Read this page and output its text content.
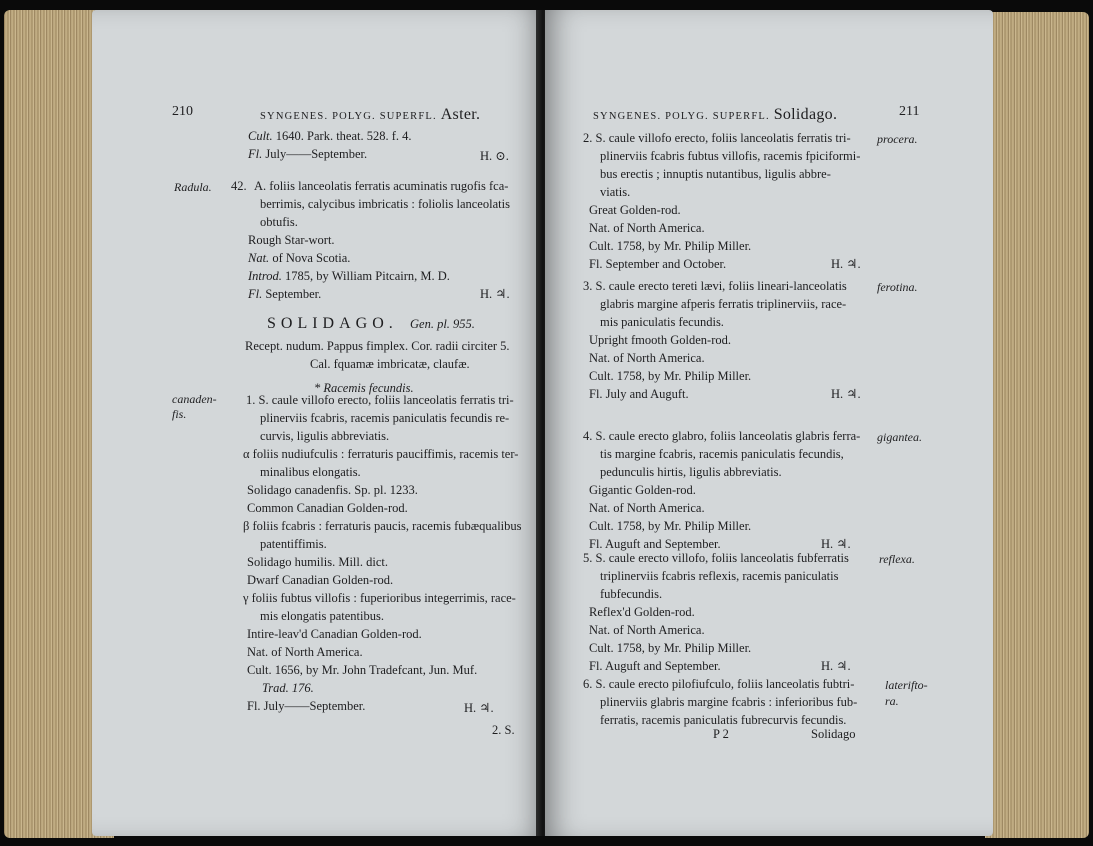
210	SYNGENES. POLYG. SUPERFL. Aster.
Cult. 1640. Park. theat. 528. f. 4.
Fl. July——September.	H. ⊙.
Radula. 42. A. foliis lanceolatis ferratis acuminatis rugofis fca-
berrimis, calycibus imbricatis : foliolis lanceolatis
obtufis.
Rough Star-wort.
Nat. of Nova Scotia.
Introd. 1785, by William Pitcairn, M. D.
Fl. September.	H. ♃.
SOLIDAGO. Gen. pl. 955.
Recept. nudum. Pappus fimplex. Cor. radii circiter 5.
Cal. fquamæ imbricatæ, claufæ.
* Racemis fecundis.
canaden-
fis.
1. S. caule villofo erecto, foliis lanceolatis ferratis tri-
plinerviis fcabris, racemis paniculatis fecundis re-
curvis, ligulis abbreviatis.
α foliis nudiufculis : ferraturis pauciffimis, racemis ter-
minalibus elongatis.
Solidago canadenfis. Sp. pl. 1233.
Common Canadian Golden-rod.
β foliis fcabris : ferraturis paucis, racemis fubæqualibus
patentiffimis.
Solidago humilis. Mill. dict.
Dwarf Canadian Golden-rod.
γ foliis fubtus villofis : fuperioribus integerrimis, race-
mis elongatis patentibus.
Intire-leav'd Canadian Golden-rod.
Nat. of North America.
Cult. 1656, by Mr. John Tradefcant, Jun. Muf.
Trad. 176.
Fl. July——September.	H. ♃.
2. S.
SYNGENES. POLYG. SUPERFL. Solidago.	211
procera.
2. S. caule villofo erecto, foliis lanceolatis ferratis tri-
plinerviis fcabris fubtus villofis, racemis fpiciformi-
bus erectis ; innuptis nutantibus, ligulis abbre-
viatis.
Great Golden-rod.
Nat. of North America.
Cult. 1758, by Mr. Philip Miller.
Fl. September and October.	H. ♃.
ferotina.
3. S. caule erecto tereti lævi, foliis lineari-lanceolatis
glabris margine afperis ferratis triplinerviis, race-
mis paniculatis fecundis.
Upright fmooth Golden-rod.
Nat. of North America.
Cult. 1758, by Mr. Philip Miller.
Fl. July and Auguft.	H. ♃.
gigantea.
4. S. caule erecto glabro, foliis lanceolatis glabris ferra-
tis margine fcabris, racemis paniculatis fecundis,
pedunculis hirtis, ligulis abbreviatis.
Gigantic Golden-rod.
Nat. of North America.
Cult. 1758, by Mr. Philip Miller.
Fl. Auguft and September.	H. ♃.
reflexa.
5. S. caule erecto villofo, foliis lanceolatis fubferratis
triplinerviis fcabris reflexis, racemis paniculatis
fubfecundis.
Reflex'd Golden-rod.
Nat. of North America.
Cult. 1758, by Mr. Philip Miller.
Fl. Auguft and September.	H. ♃.
laterifto-
ra.
6. S. caule erecto pilofiufculo, foliis lanceolatis fubtri-
plinerviis glabris margine fcabris : inferioribus fub-
ferratis, racemis paniculatis fubrecurvis fecundis.
P 2	Solidago
